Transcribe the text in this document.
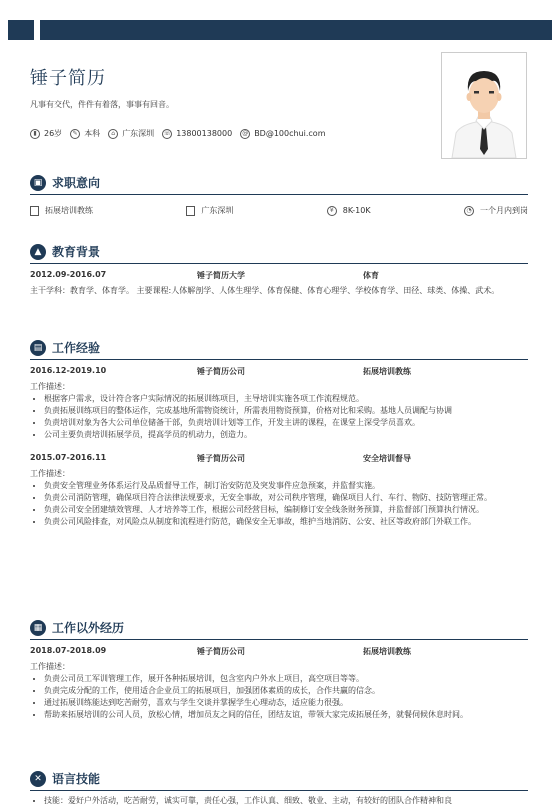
锤子简历
凡事有交代，件件有着落，事事有回音。
▮ 26岁	✎ 本科	⌂ 广东深圳 ☏ 13800138000	@ BD@100chui.com
▣ 求职意向
拓展培训教练	广东深圳	¥	8K-10K	◔ 一个月内到岗
▲ 教育背景
2012.09-2016.07	锤子简历大学	体育
主干学科：教育学、体育学。 主要课程:人体解剖学、人体生理学、体育保健、体育心理学、学校体育学、田径、球类、体操、武术。
▤ 工作经验
2016.12-2019.10	锤子简历公司	拓展培训教练
工作描述：
• 根据客户需求，设计符合客户实际情况的拓展训练项目，主导培训实施各项工作流程规范。
• 负责拓展训练项目的整体运作，完成基地所需物资统计，所需表用物资预算，价格对比和采购。基地人员调配与协调
• 负责培训对象为各大公司单位储备干部，负责培训计划等工作，开发主讲的课程，在课堂上深受学员喜欢。
• 公司主要负责培训拓展学员，提高学员的机动力，创造力。
2015.07-2016.11	锤子简历公司	安全培训督导
工作描述：
• 负责安全管理业务体系运行及品质督导工作，制订治安防范及突发事件应急预案，并监督实施。
• 负责公司消防管理，确保项目符合法律法规要求，无安全事故，对公司秩序管理，确保项目人行、车行、物防、技防管理正常。
• 负责公司安全团建绩效管理、人才培养等工作，根据公司经营目标，编制修订安全线条财务预算，并监督部门预算执行情况。
• 负责公司风险排查，对风险点从制度和流程进行防范，确保安全无事故，维护当地消防、公安、社区等政府部门外联工作。
▦ 工作以外经历
2018.07-2018.09	锤子简历公司	拓展培训教练
工作描述：
• 负责公司员工军训管理工作，展开各种拓展培训，包含室内户外水上项目，高空项目等等。
• 负责完成分配的工作，使用适合企业员工的拓展项目，加强团体素质的成长，合作共赢的信念。
• 通过拓展训练能达到吃苦耐劳，喜欢与学生交谈并掌握学生心理动态，适应能力很强。
• 帮助来拓展培训的公司人员，放松心情，增加员友之间的信任，团结友谊，带领大家完成拓展任务，就餐伺候休息时间。
✕ 语言技能
• 技能：爱好户外活动，吃苦耐劳，诚实可靠，责任心强，工作认真、细致、敬业、主动，有较好的团队合作精神和良
